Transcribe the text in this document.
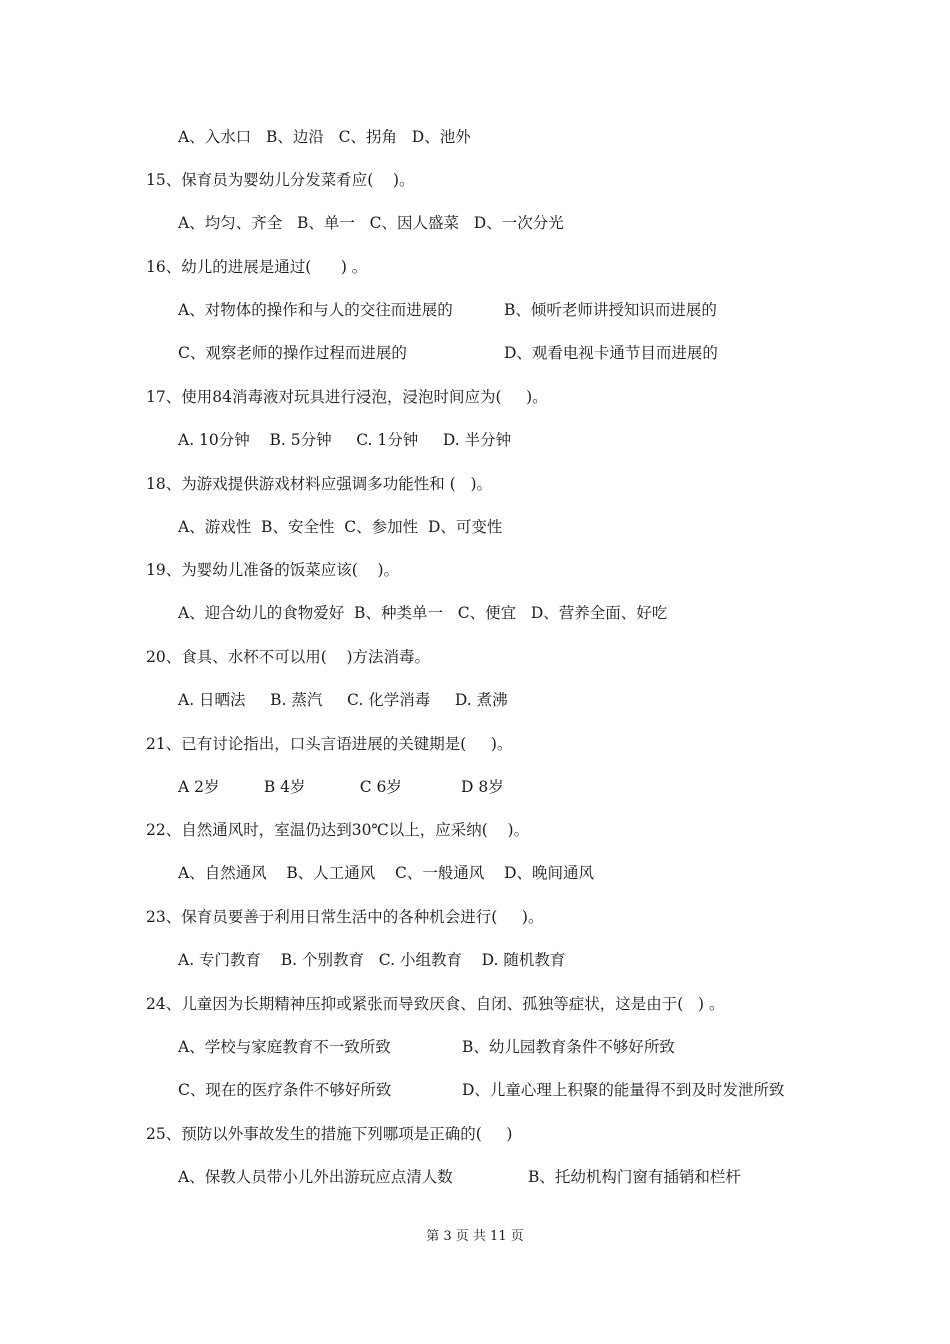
A、入水口   B、边沿   C、拐角   D、池外
15、保育员为婴幼儿分发菜肴应(    )。
A、均匀、齐全   B、单一   C、因人盛菜   D、一次分光
16、幼儿的进展是通过(      ) 。
A、对物体的操作和与人的交往而进展的	B、倾听老师讲授知识而进展的
C、观察老师的操作过程而进展的	D、观看电视卡通节目而进展的
17、使用84消毒液对玩具进行浸泡，浸泡时间应为(     )。
A. 10分钟    B. 5分钟     C. 1分钟     D. 半分钟
18、为游戏提供游戏材料应强调多功能性和 (   )。
A、游戏性  B、安全性  C、参加性  D、可变性
19、为婴幼儿准备的饭菜应该(    )。
A、迎合幼儿的食物爱好  B、种类单一   C、便宜   D、营养全面、好吃
20、食具、水杯不可以用(    )方法消毒。
A. 日晒法     B. 蒸汽     C. 化学消毒     D. 煮沸
21、已有讨论指出，口头言语进展的关键期是(     )。
A 2岁         B 4岁           C 6岁            D 8岁
22、自然通风时，室温仍达到30℃以上，应采纳(    )。
A、自然通风    B、人工通风    C、一般通风    D、晚间通风
23、保育员要善于利用日常生活中的各种机会进行(     )。
A. 专门教育    B. 个别教育   C. 小组教育    D. 随机教育
24、儿童因为长期精神压抑或紧张而导致厌食、自闭、孤独等症状，这是由于(   ) 。
A、学校与家庭教育不一致所致	B、幼儿园教育条件不够好所致
C、现在的医疗条件不够好所致	D、儿童心理上积聚的能量得不到及时发泄所致
25、预防以外事故发生的措施下列哪项是正确的(     )
A、保教人员带小儿外出游玩应点清人数	B、托幼机构门窗有插销和栏杆
第 3 页 共 11 页
